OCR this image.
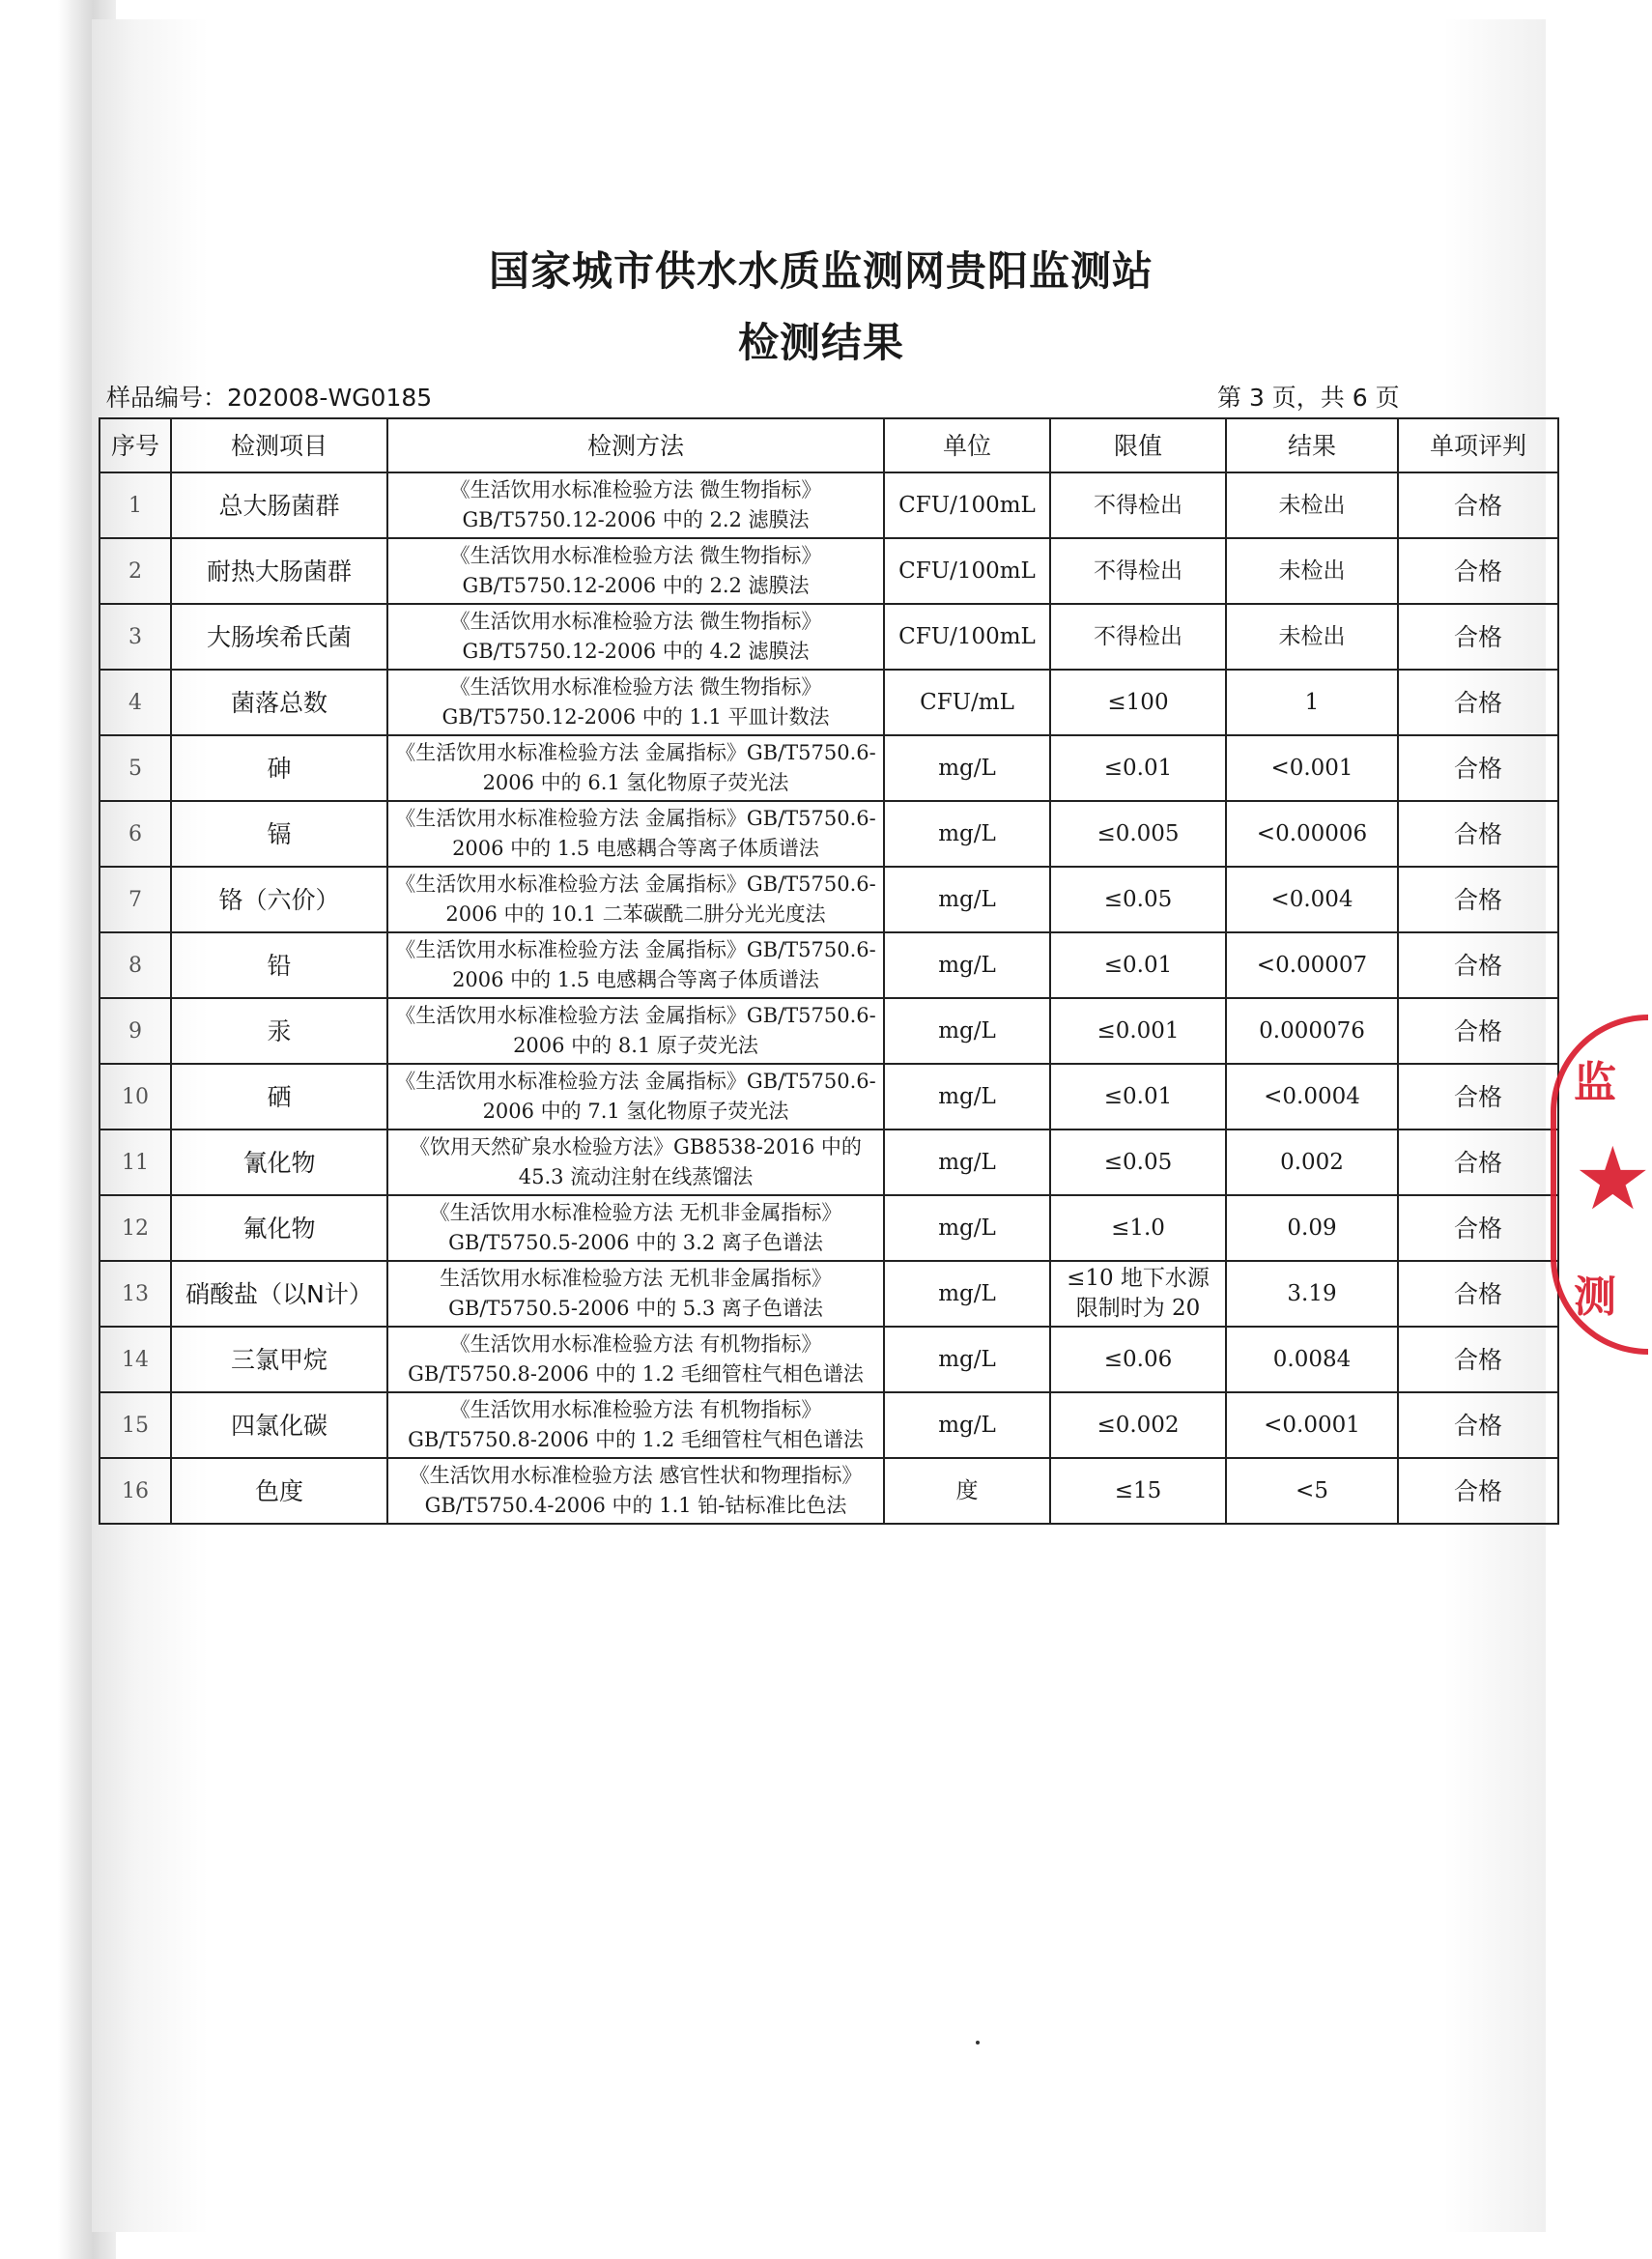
国家城市供水水质监测网贵阳监测站
检测结果
样品编号：202008-WG0185	第 3 页，共 6 页
序号	检测项目	检测方法	单位	限值	结果	单项评判
1	总大肠菌群	《生活饮用水标准检验方法 微生物指标》GB/T5750.12-2006 中的 2.2 滤膜法	CFU/100mL	不得检出	未检出	合格
2	耐热大肠菌群	《生活饮用水标准检验方法 微生物指标》GB/T5750.12-2006 中的 2.2 滤膜法	CFU/100mL	不得检出	未检出	合格
3	大肠埃希氏菌	《生活饮用水标准检验方法 微生物指标》GB/T5750.12-2006 中的 4.2 滤膜法	CFU/100mL	不得检出	未检出	合格
4	菌落总数	《生活饮用水标准检验方法 微生物指标》GB/T5750.12-2006 中的 1.1 平皿计数法	CFU/mL	≤100	1	合格
5	砷	《生活饮用水标准检验方法 金属指标》GB/T5750.6-2006 中的 6.1 氢化物原子荧光法	mg/L	≤0.01	<0.001	合格
6	镉	《生活饮用水标准检验方法 金属指标》GB/T5750.6-2006 中的 1.5 电感耦合等离子体质谱法	mg/L	≤0.005	<0.00006	合格
7	铬（六价）	《生活饮用水标准检验方法 金属指标》GB/T5750.6-2006 中的 10.1 二苯碳酰二肼分光光度法	mg/L	≤0.05	<0.004	合格
8	铅	《生活饮用水标准检验方法 金属指标》GB/T5750.6-2006 中的 1.5 电感耦合等离子体质谱法	mg/L	≤0.01	<0.00007	合格
9	汞	《生活饮用水标准检验方法 金属指标》GB/T5750.6-2006 中的 8.1 原子荧光法	mg/L	≤0.001	0.000076	合格
10	硒	《生活饮用水标准检验方法 金属指标》GB/T5750.6-2006 中的 7.1 氢化物原子荧光法	mg/L	≤0.01	<0.0004	合格
11	氰化物	《饮用天然矿泉水检验方法》GB8538-2016 中的 45.3 流动注射在线蒸馏法	mg/L	≤0.05	0.002	合格
12	氟化物	《生活饮用水标准检验方法 无机非金属指标》GB/T5750.5-2006 中的 3.2 离子色谱法	mg/L	≤1.0	0.09	合格
13	硝酸盐（以N计）	生活饮用水标准检验方法 无机非金属指标》GB/T5750.5-2006 中的 5.3 离子色谱法	mg/L	≤10 地下水源限制时为 20	3.19	合格
14	三氯甲烷	《生活饮用水标准检验方法 有机物指标》GB/T5750.8-2006 中的 1.2 毛细管柱气相色谱法	mg/L	≤0.06	0.0084	合格
15	四氯化碳	《生活饮用水标准检验方法 有机物指标》GB/T5750.8-2006 中的 1.2 毛细管柱气相色谱法	mg/L	≤0.002	<0.0001	合格
16	色度	《生活饮用水标准检验方法 感官性状和物理指标》GB/T5750.4-2006 中的 1.1 铂-钴标准比色法	度	≤15	<5	合格
监
★
测
